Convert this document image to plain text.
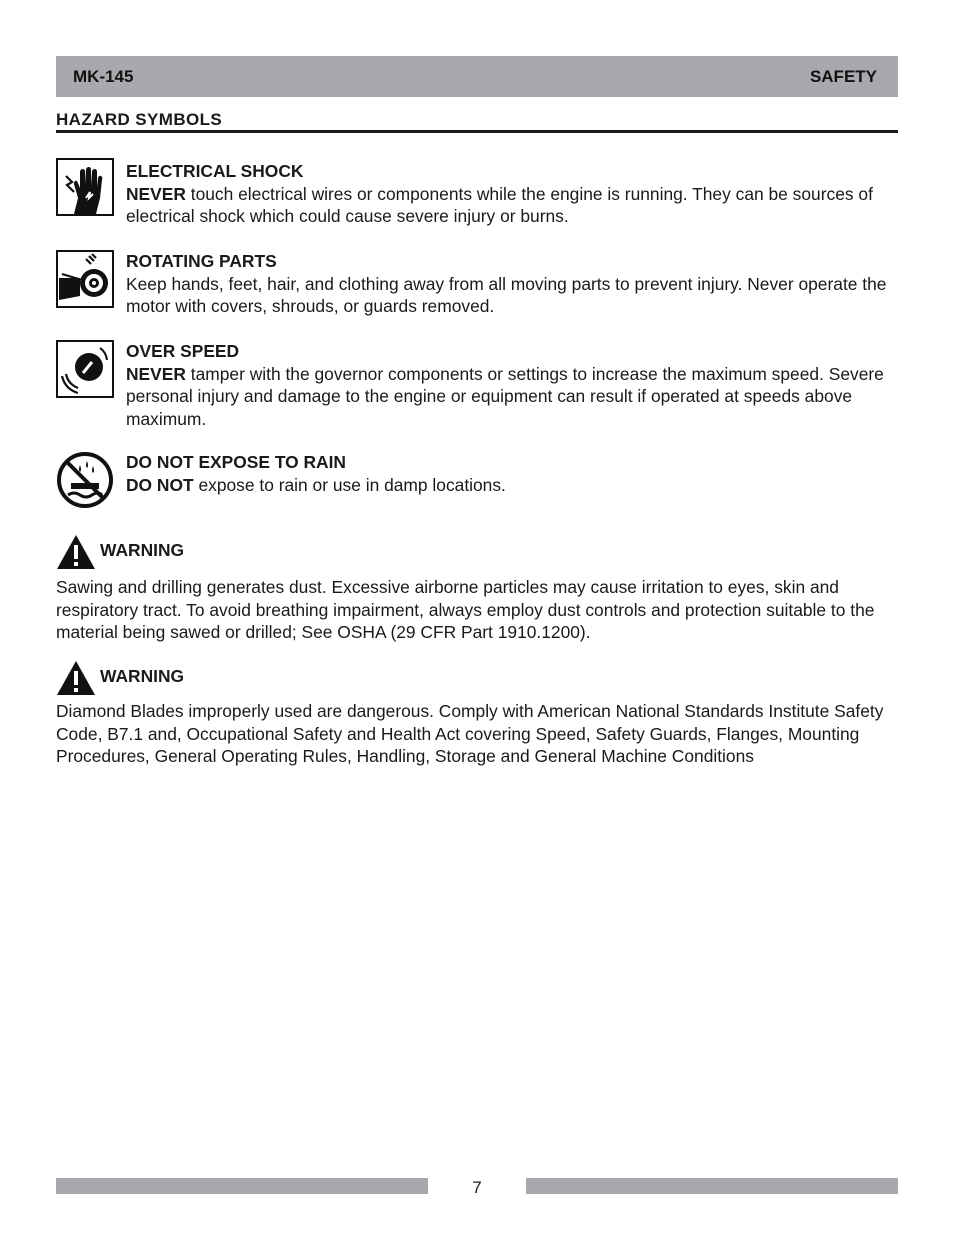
MK-145	SAFETY
HAZARD SYMBOLS
ELECTRICAL SHOCK
NEVER touch electrical wires or components while the engine is running. They can be sources of electrical shock which could cause severe injury or burns.
ROTATING PARTS
Keep hands, feet, hair, and clothing away from all moving parts to prevent injury. Never operate the motor with covers, shrouds, or guards removed.
OVER SPEED
NEVER tamper with the governor components or settings to increase the maximum speed. Severe personal injury and damage to the engine or equipment can result if operated at speeds above maximum.
DO NOT EXPOSE TO RAIN
DO NOT expose to rain or use in damp locations.
WARNING
Sawing and drilling generates dust. Excessive airborne particles may cause irritation to eyes, skin and respiratory tract. To avoid breathing impairment, always employ dust controls and protection suitable to the material being sawed or drilled; See OSHA (29 CFR Part 1910.1200).
WARNING
Diamond Blades improperly used are dangerous. Comply with American National Standards Institute Safety Code, B7.1 and, Occupational Safety and Health Act covering Speed, Safety Guards, Flanges, Mounting Procedures, General Operating Rules, Handling, Storage and General Machine Conditions
7
